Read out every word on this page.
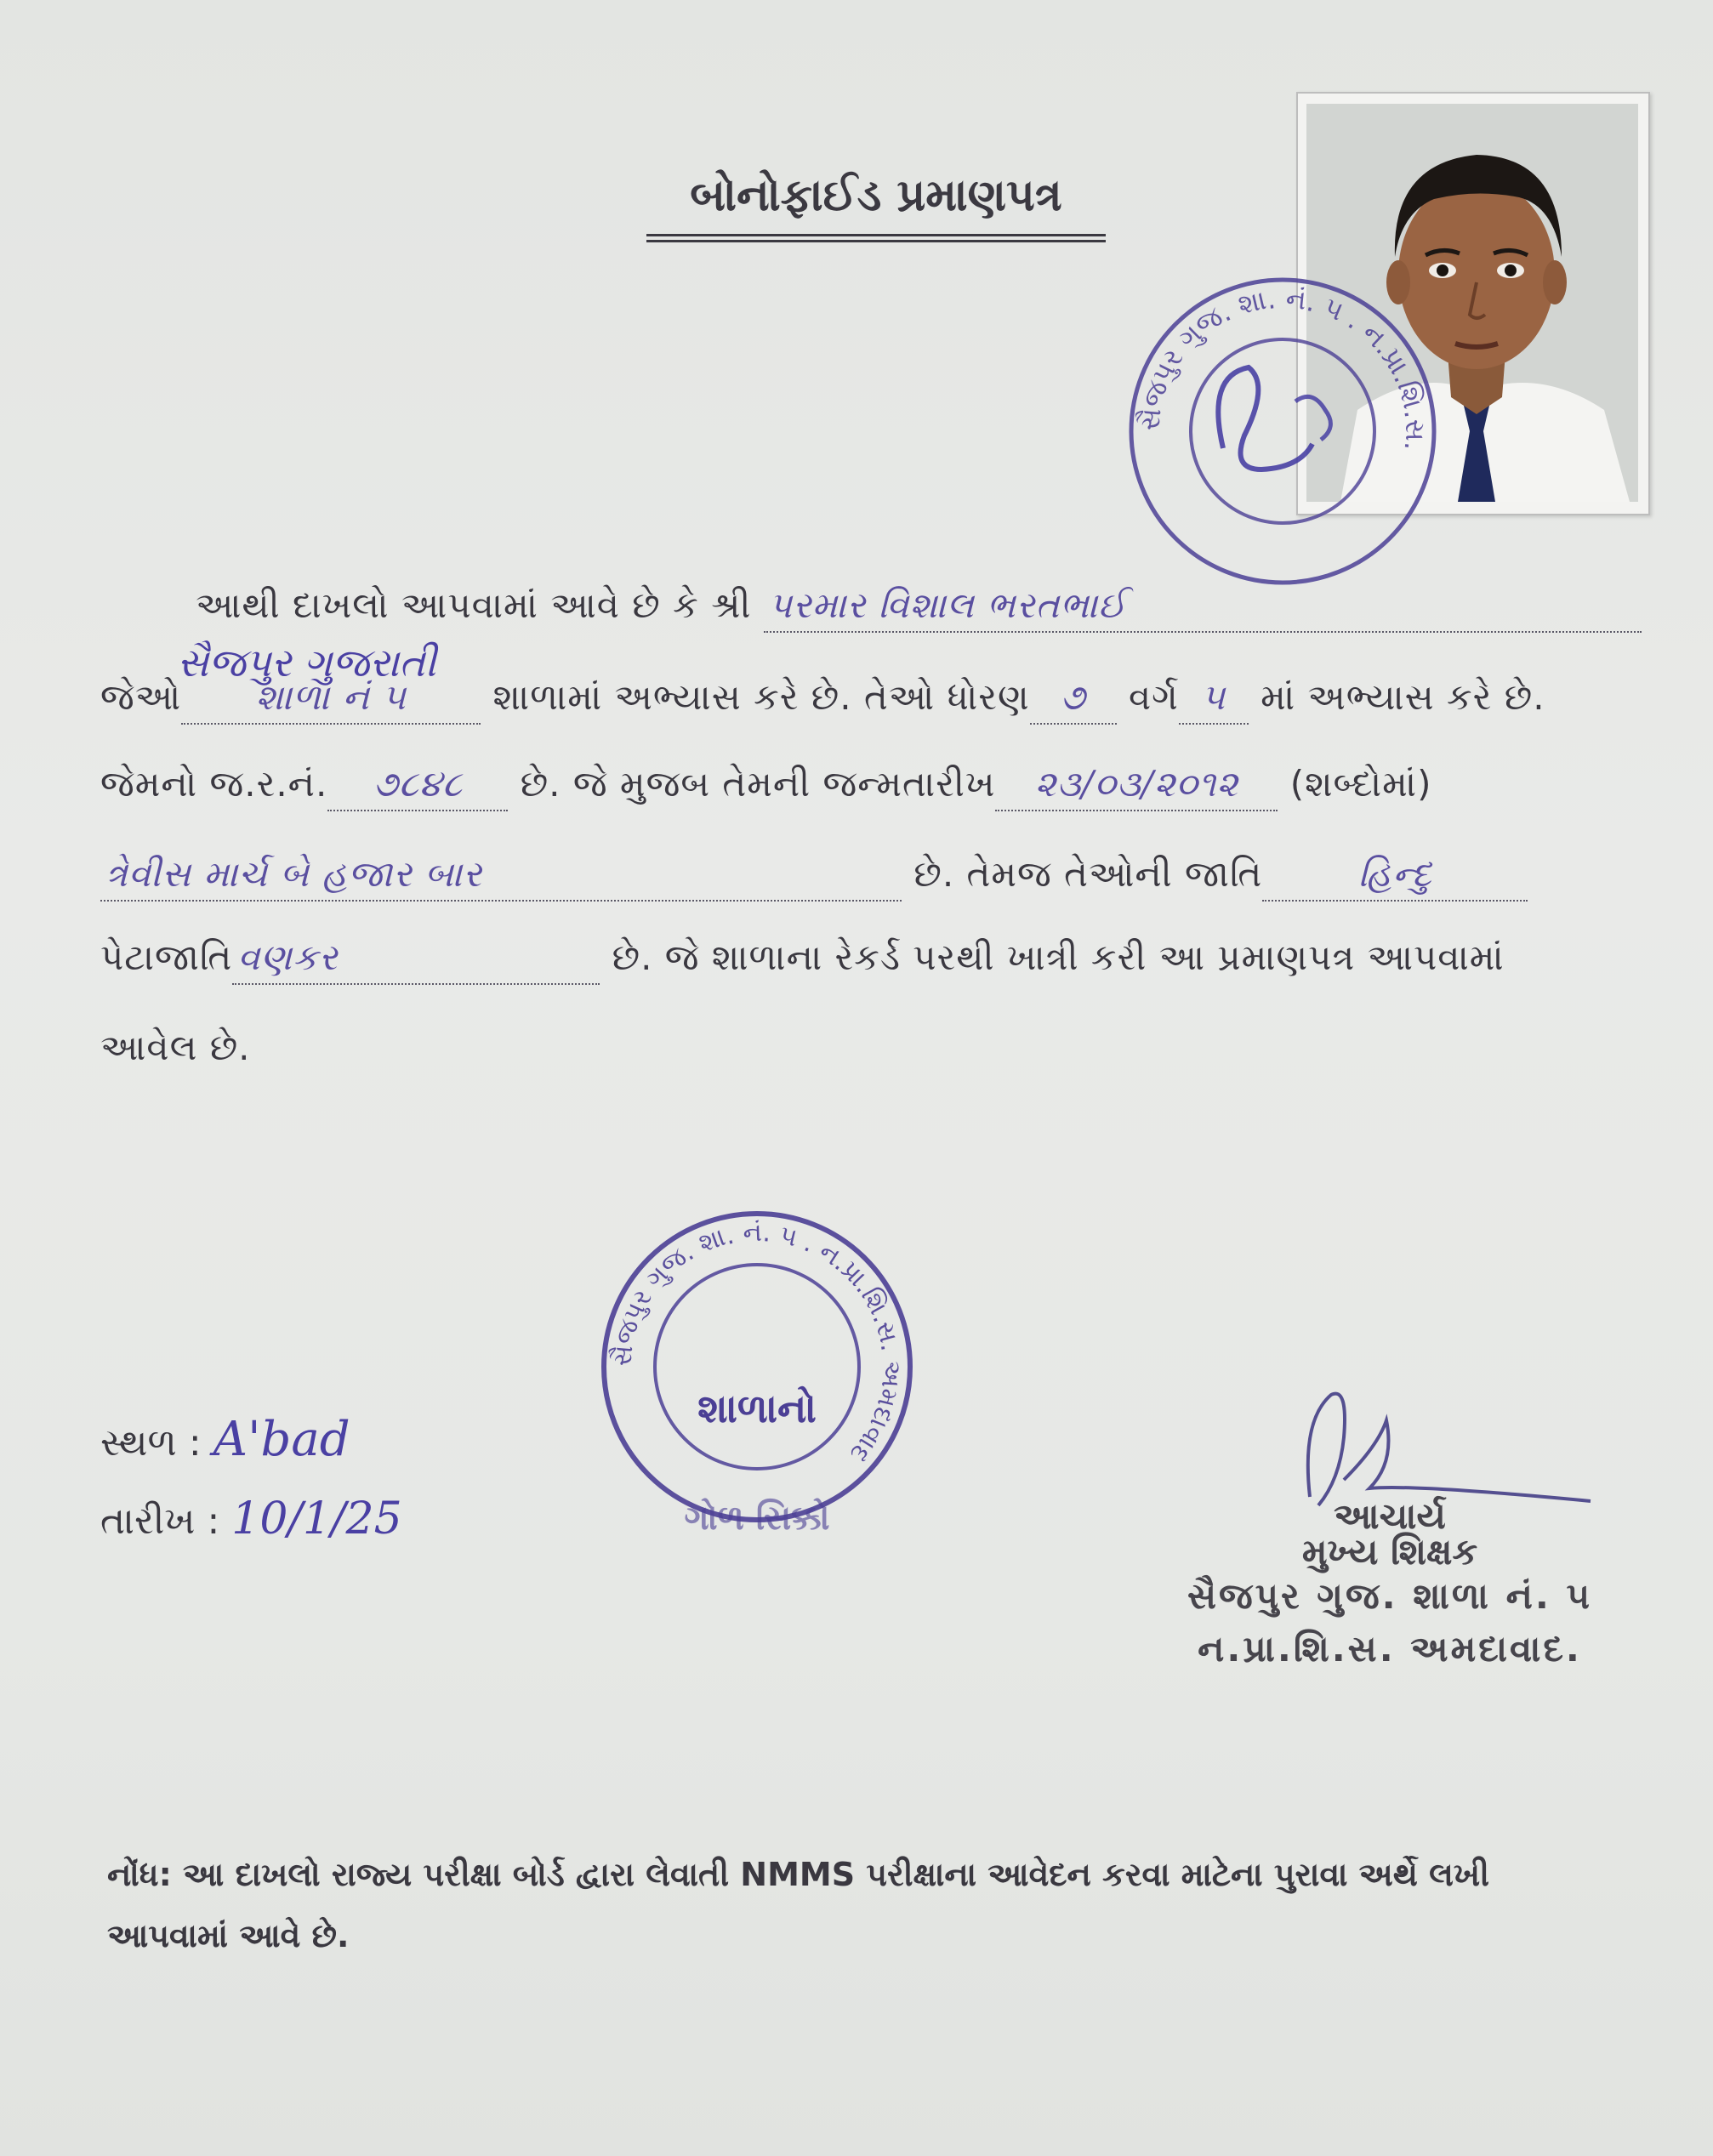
બોનોફાઈડ પ્રમાણપત્ર
સૈજપુર ગુજ. શા. નં. ૫ . ન.પ્રા.શિ.સ.
આથી દાખલો આપવામાં આવે છે કે શ્રી પરમાર વિશાલ ભરતભાઈ
સૈજપુર ગુજરાતી
જેઓ શાળા નં ૫ શાળામાં અભ્યાસ કરે છે. તેઓ ધોરણ ૭ વર્ગ ૫ માં અભ્યાસ કરે છે.
જેમનો જ.ર.નં. ૭૮૪૮ છે. જે મુજબ તેમની જન્મતારીખ ૨૩/૦૩/૨૦૧૨ (શબ્દોમાં)
ત્રેવીસ માર્ચ બે હજાર બાર	છે. તેમજ તેઓની જાતિ	હિન્દુ
પેટાજાતિ વણકર	છે. જે શાળાના રેકર્ડ પરથી ખાત્રી કરી આ પ્રમાણપત્ર આપવામાં
આવેલ છે.
સૈજપુર ગુજ. શા. નં. ૫ . ન.પ્રા.શિ.સ. અમદાવાદ
શાળાનો
ગોળ સિક્કો
સ્થળ : A'bad
તારીખ : 10/1/25	આચાર્ય
મુખ્ય શિક્ષક
સૈજપુર ગુજ. શાળા નં. ૫
ન.પ્રા.શિ.સ. અમદાવાદ.
નોંધ: આ દાખલો રાજ્ય પરીક્ષા બોર્ડ દ્વારા લેવાતી NMMS પરીક્ષાના આવેદન કરવા માટેના પુરાવા અર્થે લખી આપવામાં આવે છે.
